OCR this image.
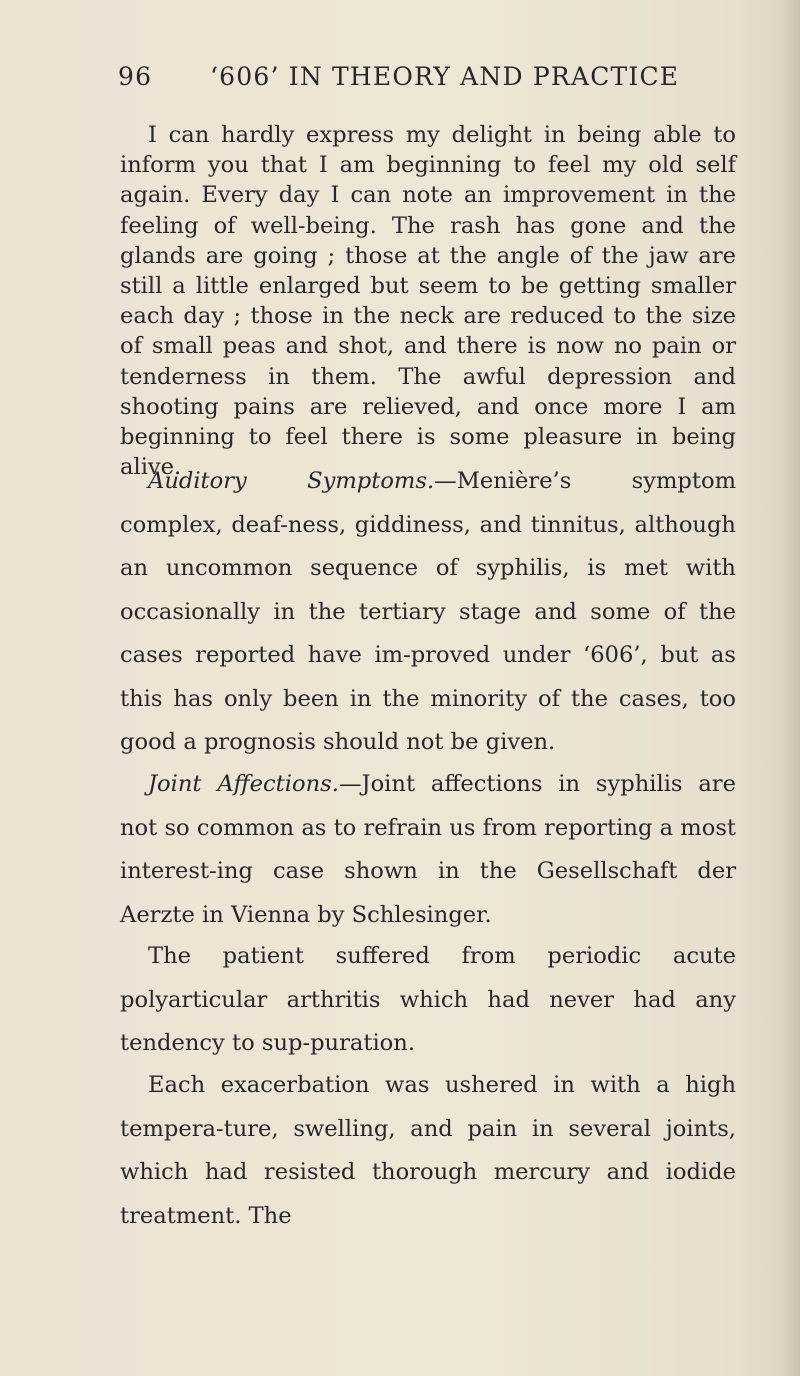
96 ‘606’ IN THEORY AND PRACTICE

I can hardly express my delight in being able to inform you that I am beginning to feel my old self again. Every day I can note an improvement in the feeling of well-being. The rash has gone and the glands are going ; those at the angle of the jaw are still a little enlarged but seem to be getting smaller each day ; those in the neck are reduced to the size of small peas and shot, and there is now no pain or tenderness in them. The awful depression and shooting pains are relieved, and once more I am beginning to feel there is some pleasure in being alive.

Auditory Symptoms.—Menière’s symptom complex, deaf-ness, giddiness, and tinnitus, although an uncommon sequence of syphilis, is met with occasionally in the tertiary stage and some of the cases reported have im-proved under ‘606’, but as this has only been in the minority of the cases, too good a prognosis should not be given.

Joint Affections.—Joint affections in syphilis are not so common as to refrain us from reporting a most interest-ing case shown in the Gesellschaft der Aerzte in Vienna by Schlesinger.

The patient suffered from periodic acute polyarticular arthritis which had never had any tendency to sup-puration.

Each exacerbation was ushered in with a high tempera-ture, swelling, and pain in several joints, which had resisted thorough mercury and iodide treatment. The
